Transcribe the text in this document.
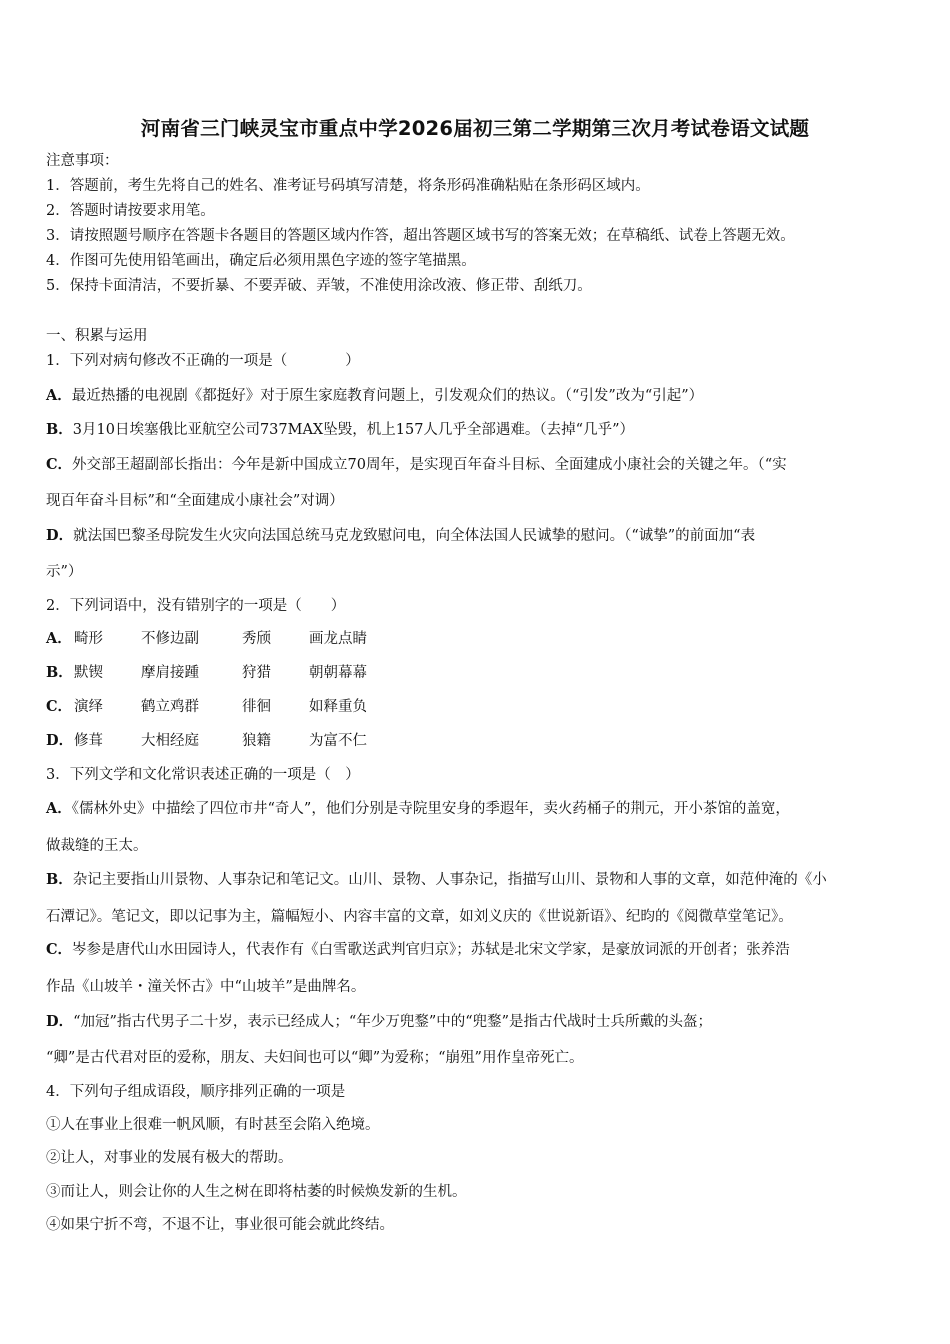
河南省三门峡灵宝市重点中学2026届初三第二学期第三次月考试卷语文试题
注意事项：
1．答题前，考生先将自己的姓名、准考证号码填写清楚，将条形码准确粘贴在条形码区域内。
2．答题时请按要求用笔。
3．请按照题号顺序在答题卡各题目的答题区域内作答，超出答题区域书写的答案无效；在草稿纸、试卷上答题无效。
4．作图可先使用铅笔画出，确定后必须用黑色字迹的签字笔描黑。
5．保持卡面清洁，不要折暴、不要弄破、弄皱，不准使用涂改液、修正带、刮纸刀。
一、积累与运用
1．下列对病句修改不正确的一项是（　　　　）
A．最近热播的电视剧《都挺好》对于原生家庭教育问题上，引发观众们的热议。（“引发”改为“引起”）
B．3月10日埃塞俄比亚航空公司737MAX坠毁，机上157人几乎全部遇难。（去掉“几乎”）
C．外交部王超副部长指出：今年是新中国成立70周年，是实现百年奋斗目标、全面建成小康社会的关键之年。（“实
现百年奋斗目标”和“全面建成小康社会”对调）
D．就法国巴黎圣母院发生火灾向法国总统马克龙致慰问电，向全体法国人民诚挚的慰问。（“诚挚”的前面加“表
示”）
2．下列词语中，没有错别字的一项是（　　）
A． 畸形	不修边副	秀颀	画龙点睛
B． 默锲	摩肩接踵	狩猎	朝朝幕幕
C． 演绎	鹤立鸡群	徘徊	如释重负
D． 修葺	大相经庭	狼籍	为富不仁
3．下列文学和文化常识表述正确的一项是（　）
A．《儒林外史》中描绘了四位市井“奇人”，他们分别是寺院里安身的季遐年，卖火药桶子的荆元，开小茶馆的盖宽，
做裁缝的王太。
B．杂记主要指山川景物、人事杂记和笔记文。山川、景物、人事杂记，指描写山川、景物和人事的文章，如范仲淹的《小
石潭记》。笔记文，即以记事为主，篇幅短小、内容丰富的文章，如刘义庆的《世说新语》、纪昀的《阅微草堂笔记》。
C．岑参是唐代山水田园诗人，代表作有《白雪歌送武判官归京》；苏轼是北宋文学家，是豪放词派的开创者；张养浩
作品《山坡羊・潼关怀古》中“山坡羊”是曲牌名。
D．“加冠”指古代男子二十岁，表示已经成人；“年少万兜鍪”中的“兜鍪”是指古代战时士兵所戴的头盔；
“卿”是古代君对臣的爱称，朋友、夫妇间也可以“卿”为爱称；“崩殂”用作皇帝死亡。
4．下列句子组成语段，顺序排列正确的一项是
①人在事业上很难一帆风顺，有时甚至会陷入绝境。
②让人，对事业的发展有极大的帮助。
③而让人，则会让你的人生之树在即将枯萎的时候焕发新的生机。
④如果宁折不弯，不退不让，事业很可能会就此终结。
